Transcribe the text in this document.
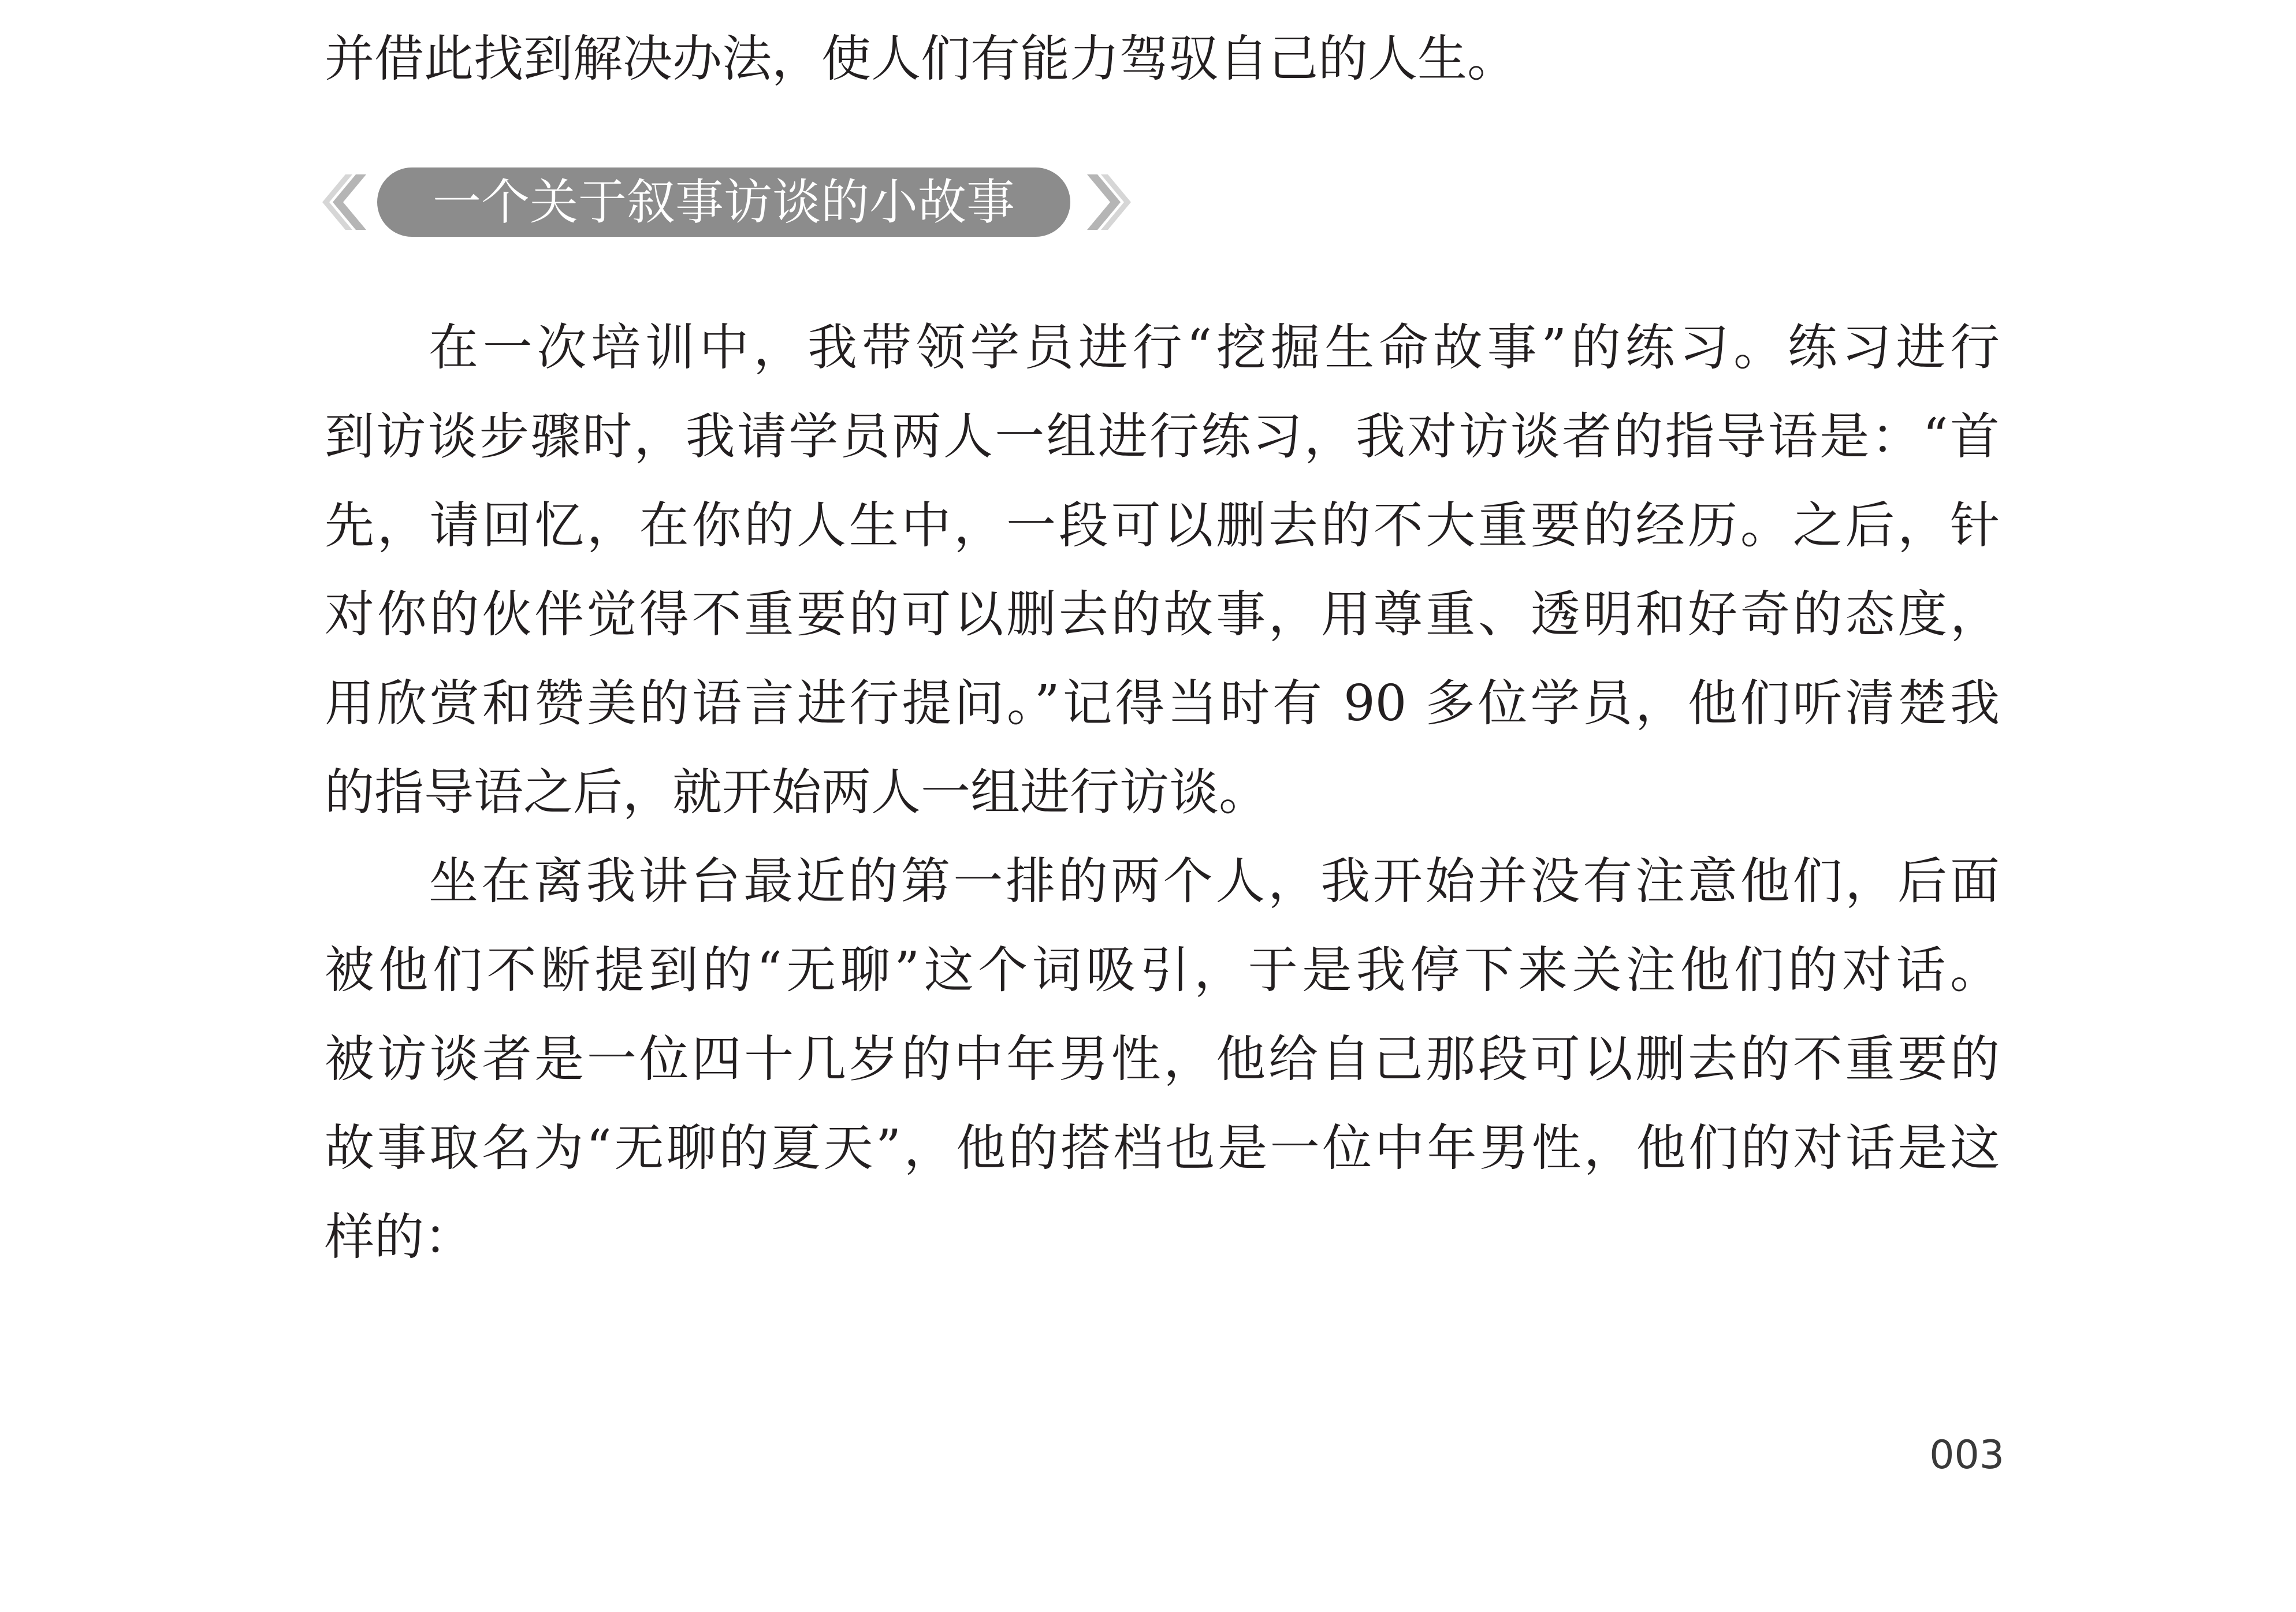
并借此找到解决办法，使人们有能力驾驭自己的人生。

一个关于叙事访谈的小故事

在一次培训中，我带领学员进行“挖掘生命故事”的练习。练习进行

到访谈步骤时，我请学员两人一组进行练习，我对访谈者的指导语是：“首

先，请回忆，在你的人生中，一段可以删去的不大重要的经历。之后，针

对你的伙伴觉得不重要的可以删去的故事，用尊重、透明和好奇的态度，

用欣赏和赞美的语言进行提问。”记得当时有 90 多位学员，他们听清楚我

的指导语之后，就开始两人一组进行访谈。

坐在离我讲台最近的第一排的两个人，我开始并没有注意他们，后面

被他们不断提到的“无聊”这个词吸引，于是我停下来关注他们的对话。

被访谈者是一位四十几岁的中年男性，他给自己那段可以删去的不重要的

故事取名为“无聊的夏天”，他的搭档也是一位中年男性，他们的对话是这

样的：

003
